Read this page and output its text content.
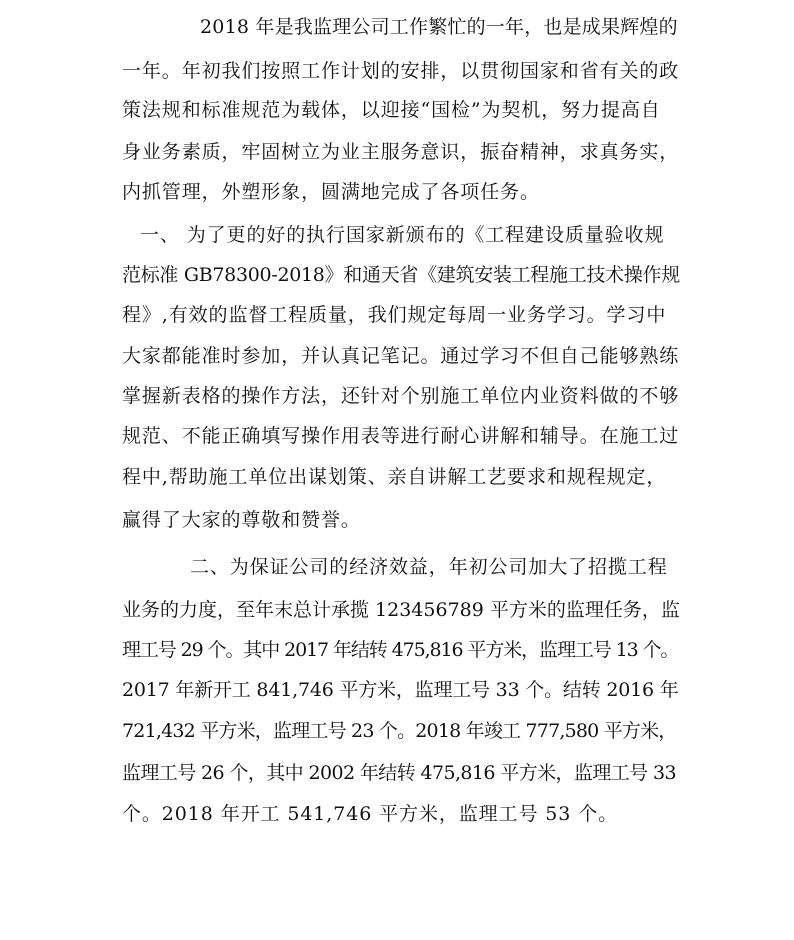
2018 年是我监理公司工作繁忙的一年，也是成果辉煌的
一年。年初我们按照工作计划的安排，以贯彻国家和省有关的政
策法规和标准规范为载体，以迎接“国检”为契机，努力提高自
身业务素质，牢固树立为业主服务意识，振奋精神，求真务实，
内抓管理，外塑形象，圆满地完成了各项任务。
一、 为了更的好的执行国家新颁布的《工程建设质量验收规
范标准 GB78300-2018》和通天省《建筑安装工程施工技术操作规
程》,有效的监督工程质量，我们规定每周一业务学习。学习中
大家都能准时参加，并认真记笔记。通过学习不但自己能够熟练
掌握新表格的操作方法，还针对个别施工单位内业资料做的不够
规范、不能正确填写操作用表等进行耐心讲解和辅导。在施工过
程中,帮助施工单位出谋划策、亲自讲解工艺要求和规程规定，
赢得了大家的尊敬和赞誉。
二、为保证公司的经济效益，年初公司加大了招揽工程
业务的力度，至年末总计承揽 123456789 平方米的监理任务，监
理工号 29 个。其中 2017 年结转 475,816 平方米，监理工号 13 个。
2017 年新开工 841,746 平方米，监理工号 33 个。结转 2016 年
721,432 平方米，监理工号 23 个。2018 年竣工 777,580 平方米，
监理工号 26 个，其中 2002 年结转 475,816 平方米，监理工号 33
个。2018 年开工 541,746 平方米，监理工号 53 个。
